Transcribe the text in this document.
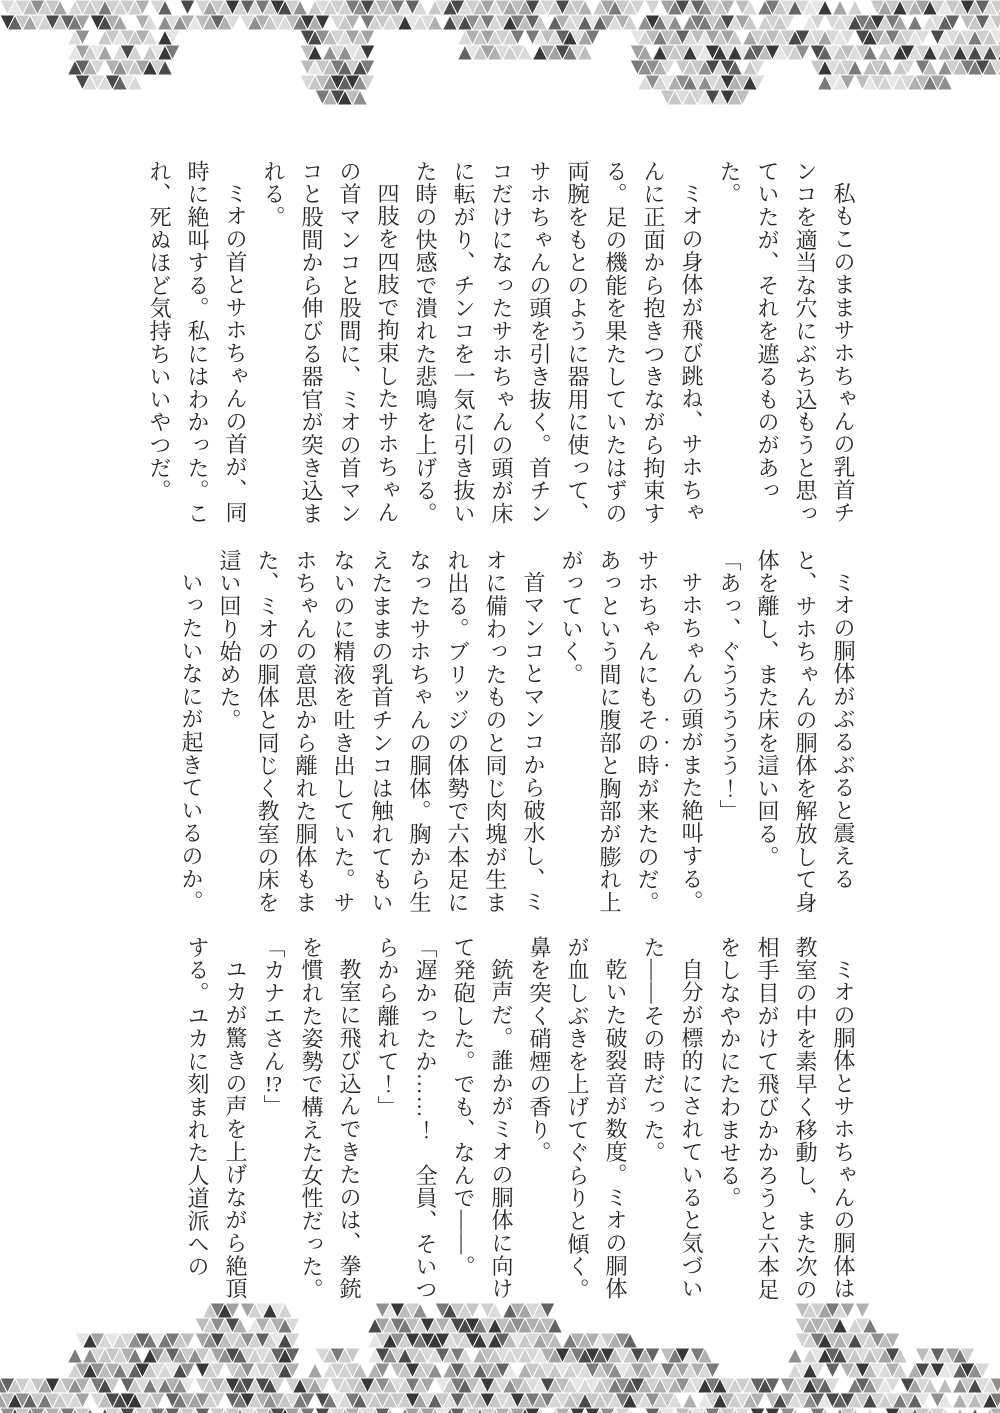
私もこのままサホちゃんの乳首チンコを適当な穴にぶち込もうと思っていたが、それを遮るものがあった。

ミオの身体が飛び跳ね、サホちゃんに正面から抱きつきながら拘束する。足の機能を果たしていたはずの両腕をもとのように器用に使って、サホちゃんの頭を引き抜く。首チンコだけになったサホちゃんの頭が床に転がり、チンコを一気に引き抜いた時の快感で潰れた悲鳴を上げる。

四肢を四肢で拘束したサホちゃんの首マンコと股間に、ミオの首マンコと股間から伸びる器官が突き込まれる。

ミオの首とサホちゃんの首が、同時に絶叫する。私にはわかった。これ、死ぬほど気持ちいいやつだ。

ミオの胴体がぶるぶると震えると、サホちゃんの胴体を解放して身体を離し、また床を這い回る。

「あっ、ぐううううう！」

サホちゃんの頭がまた絶叫する。サホちゃんにもその時が来たのだ。あっという間に腹部と胸部が膨れ上がっていく。

首マンコとマンコから破水し、ミオに備わったものと同じ肉塊が生まれ出る。ブリッジの体勢で六本足になったサホちゃんの胴体。胸から生えたままの乳首チンコは触れてもいないのに精液を吐き出していた。サホちゃんの意思から離れた胴体もまた、ミオの胴体と同じく教室の床を這い回り始めた。

いったいなにが起きているのか。

ミオの胴体とサホちゃんの胴体は教室の中を素早く移動し、また次の相手目がけて飛びかかろうと六本足をしなやかにたわませる。

自分が標的にされていると気づいた――その時だった。

乾いた破裂音が数度。ミオの胴体が血しぶきを上げてぐらりと傾く。鼻を突く硝煙の香り。

銃声だ。誰かがミオの胴体に向けて発砲した。でも、なんで――。

「遅かったか……！　全員、そいつらから離れて！」

教室に飛び込んできたのは、拳銃を慣れた姿勢で構えた女性だった。

「カナエさん!?」

ユカが驚きの声を上げながら絶頂する。ユカに刻まれた人道派への
